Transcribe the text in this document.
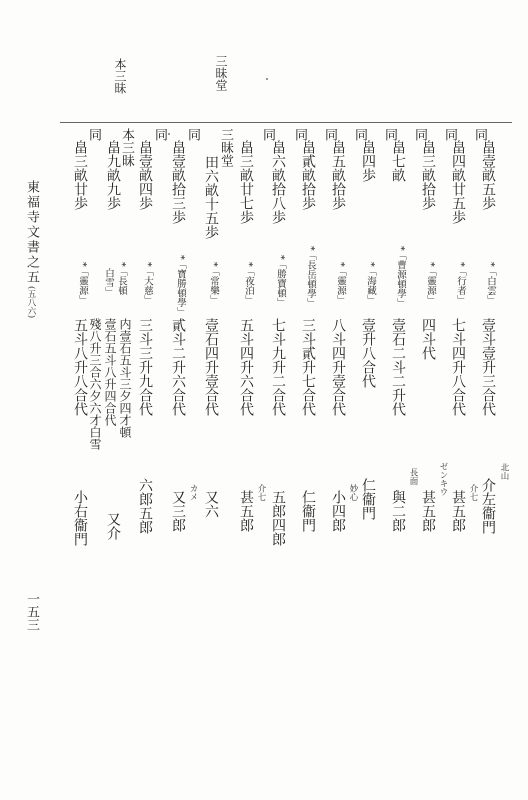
三昧堂
本三昧
畠壹畝五歩
*「白雲」
壹斗壹升三合代
北山
介左衞門
同
畠四畝廿五歩
*「行者」
七斗四升八合代
介七
甚五郎
同
畠三畝拾歩
*「靈源」
四斗代
ゼンキウ
甚五郎
同
畠七畝
*「曹源頓學」
壹石二斗二升代
長面
與二郎
同
畠四歩
*「海藏」
壹升八合代
仁衞門
同
畠五畝拾歩
*「靈源」
八斗四升壹合代
妙心
小四郎
同
畠貳畝拾歩
*「長岳頓學」
三斗貳升七合代
仁衞門
同
畠六畝拾八歩
*「勝寶頓」
七斗九升二合代
五郎四郎
同
畠三畝廿七歩
*「夜泊」
五斗四升六合代
介七
甚五郎
三昧堂
田六畝十五歩
*「常樂」
壹石四升壹合代
又六
同
畠壹畝拾三歩
*「寶勝頓學」
貳斗二升六合代
カメ
又三郎
同
畠壹畝四歩
*「大慈」
三斗三升九合代
六郎五郎
本三昧
畠九畝九歩
*「長頓
白雪」
内壹石五斗三夕四才頓
壹石五斗八升四合代
殘八升三合六夕六才白雪
又介
同
畠三畝廿歩
*「靈源」
五斗八升八合代
小右衞門
東福寺文書之五
(五八六)
一五三
